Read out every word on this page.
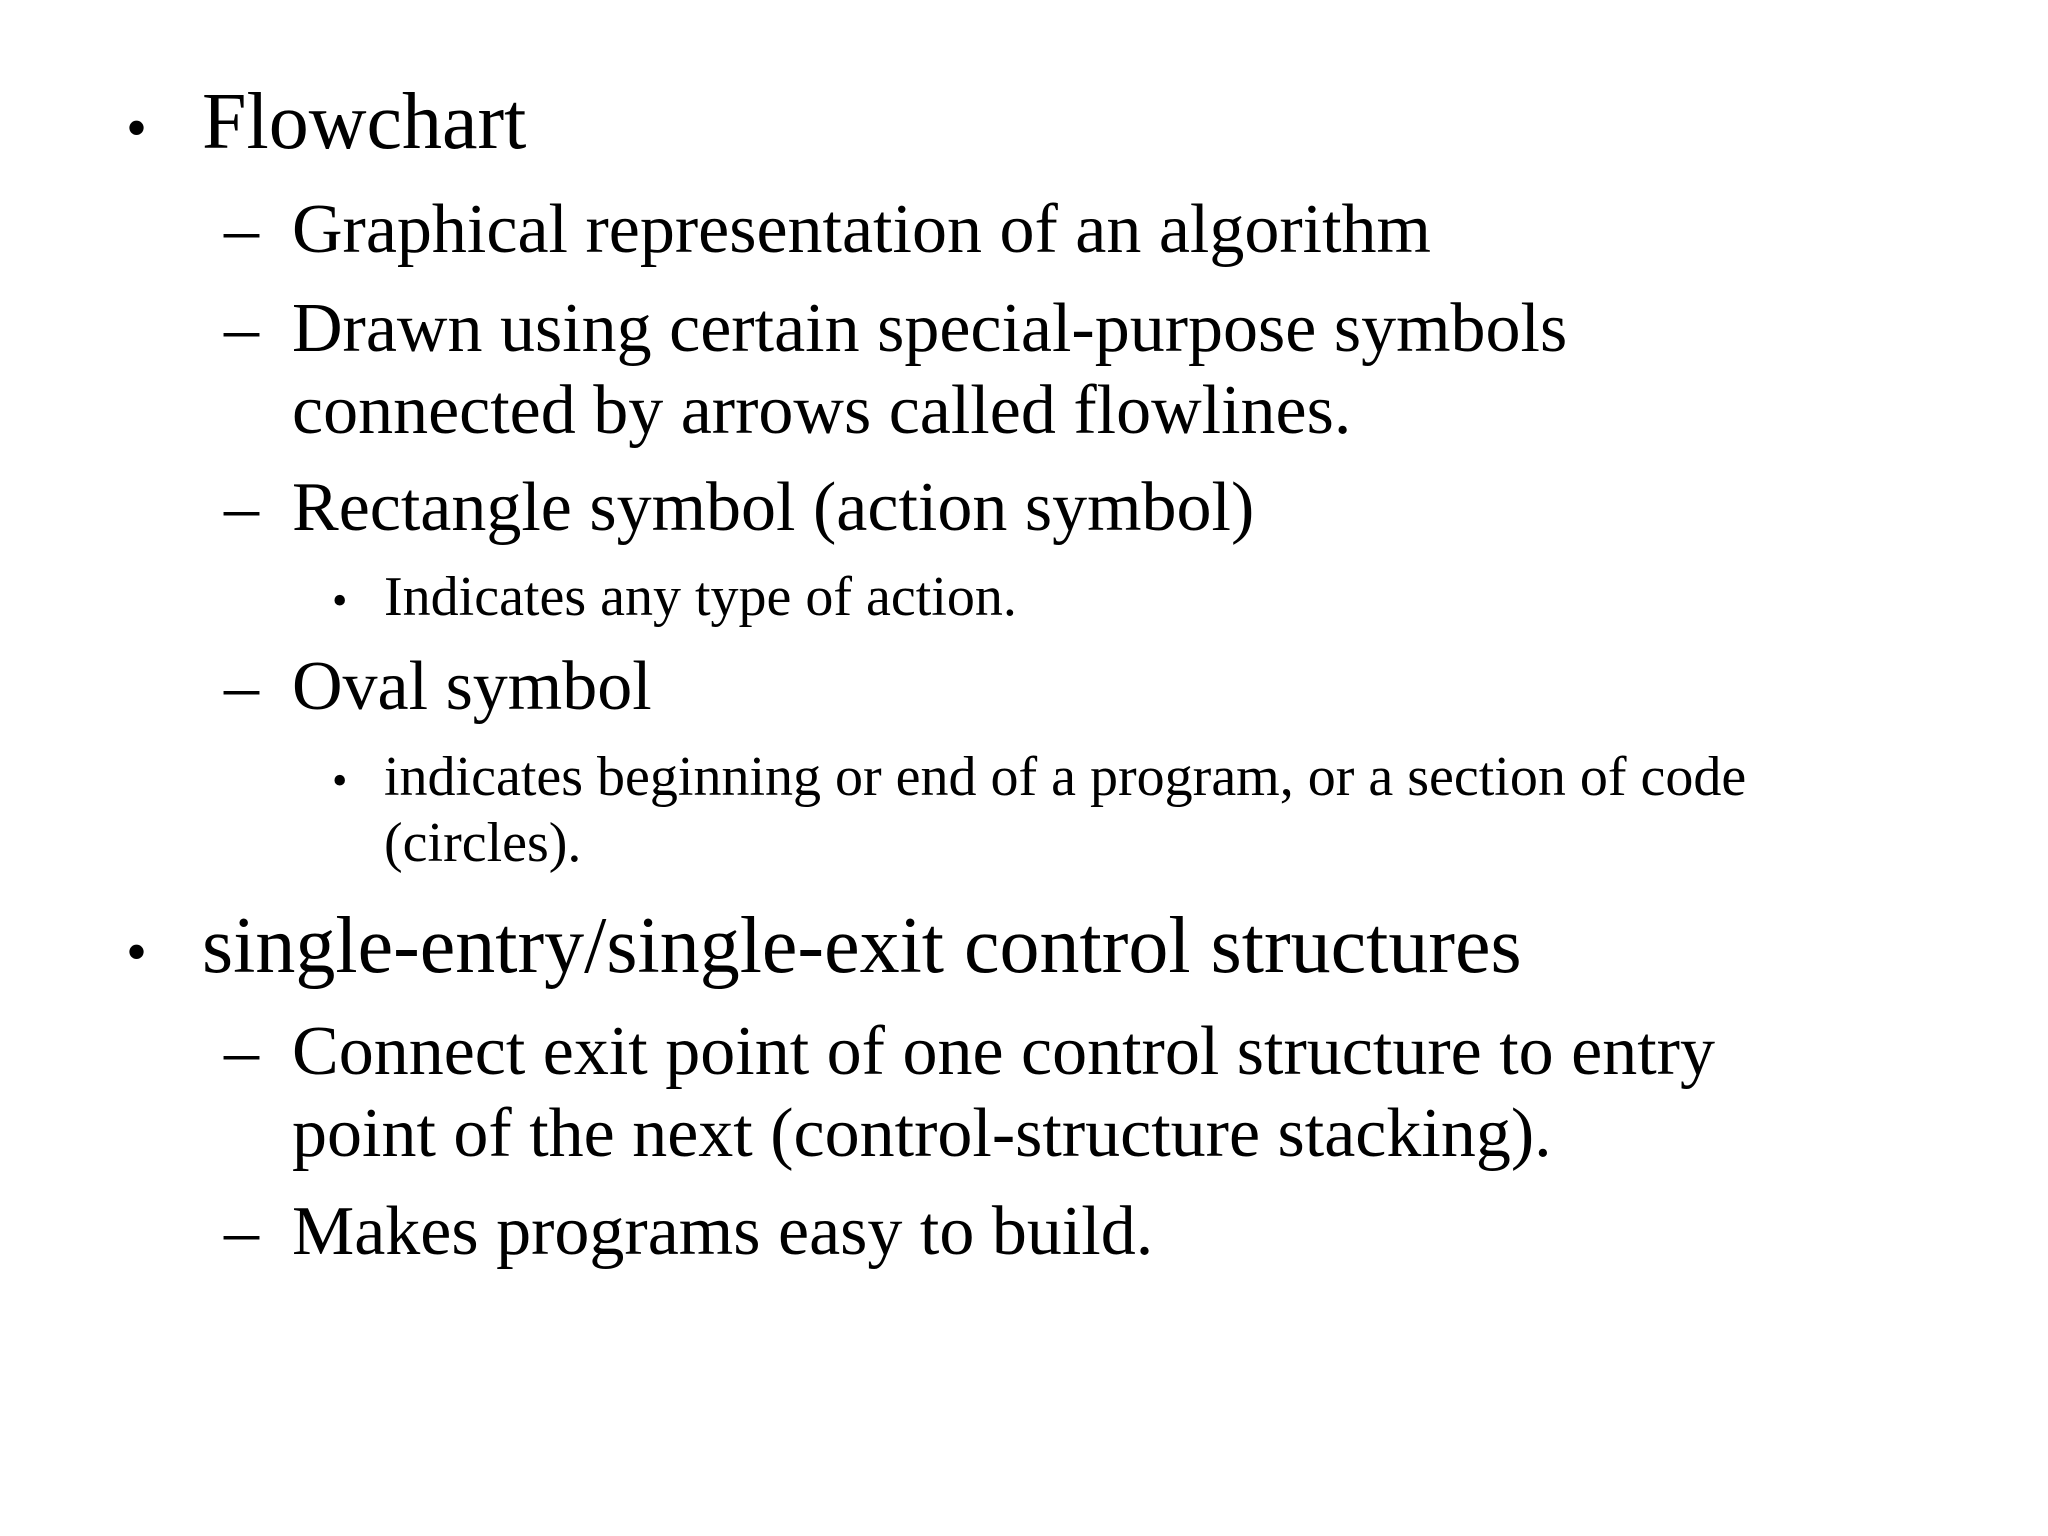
• Flowchart
– Graphical representation of an algorithm
– Drawn using certain special-purpose symbols
connected by arrows called flowlines.
– Rectangle symbol (action symbol)
• Indicates any type of action.
– Oval symbol
• indicates beginning or end of a program, or a section of code
(circles).
• single-entry/single-exit control structures
– Connect exit point of one control structure to entry
point of the next (control-structure stacking).
– Makes programs easy to build.
